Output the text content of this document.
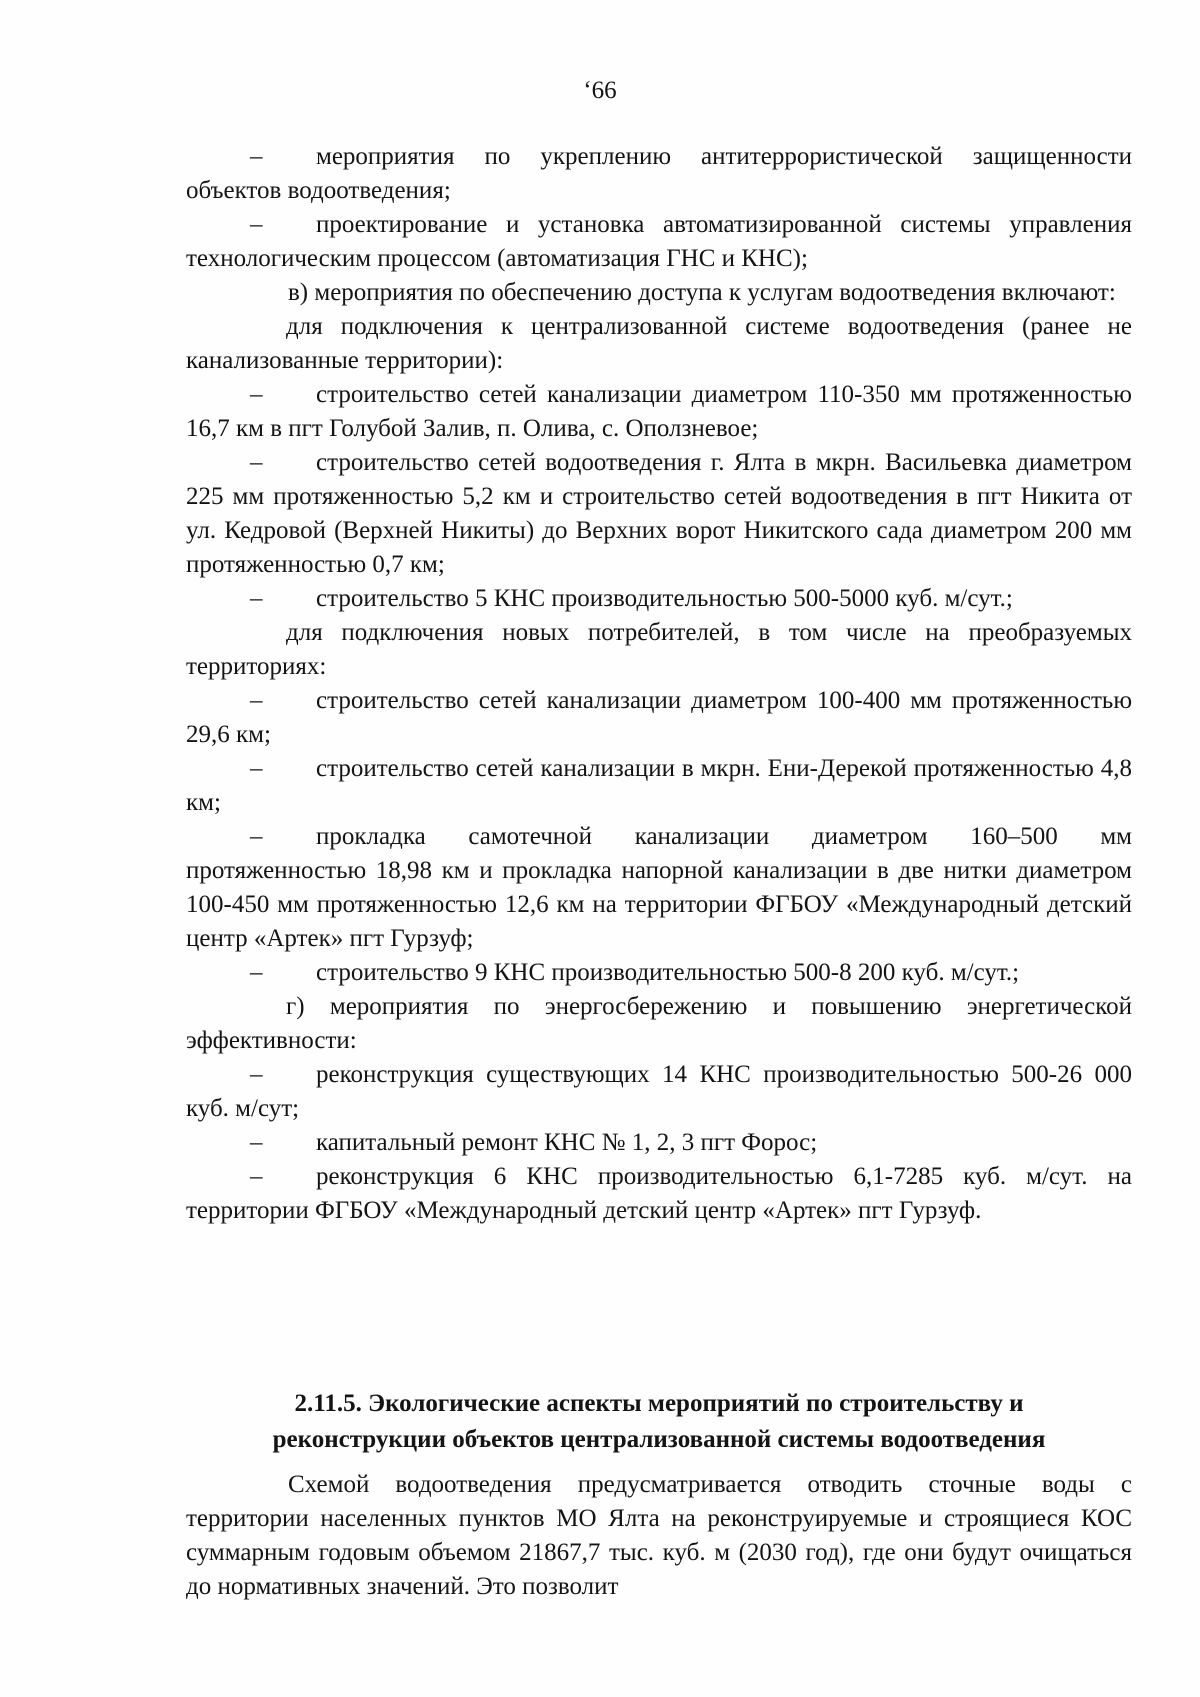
‘66

– мероприятия по укреплению антитеррористической защищенности объектов водоотведения;

– проектирование и установка автоматизированной системы управления технологическим процессом (автоматизация ГНС и КНС);

в) мероприятия по обеспечению доступа к услугам водоотведения включают:

для подключения к централизованной системе водоотведения (ранее не канализованные территории):

– строительство сетей канализации диаметром 110-350 мм протяженностью 16,7 км в пгт Голубой Залив, п. Олива, с. Оползневое;

– строительство сетей водоотведения г. Ялта в мкрн. Васильевка диаметром 225 мм протяженностью 5,2 км и строительство сетей водоотведения в пгт Никита от ул. Кедровой (Верхней Никиты) до Верхних ворот Никитского сада диаметром 200 мм протяженностью 0,7 км;

– строительство 5 КНС производительностью 500-5000 куб. м/сут.;

для подключения новых потребителей, в том числе на преобразуемых территориях:

– строительство сетей канализации диаметром 100-400 мм протяженностью 29,6 км;

– строительство сетей канализации в мкрн. Ени-Дерекой протяженностью 4,8 км;

– прокладка самотечной канализации диаметром 160–500 мм протяженностью 18,98 км и прокладка напорной канализации в две нитки диаметром 100-450 мм протяженностью 12,6 км на территории ФГБОУ «Международный детский центр «Артек» пгт Гурзуф;

– строительство 9 КНС производительностью 500-8 200 куб. м/сут.;

г) мероприятия по энергосбережению и повышению энергетической эффективности:

– реконструкция существующих 14 КНС производительностью 500-26 000 куб. м/сут;

– капитальный ремонт КНС № 1, 2, 3 пгт Форос;

– реконструкция 6 КНС производительностью 6,1-7285 куб. м/сут. на территории ФГБОУ «Международный детский центр «Артек» пгт Гурзуф.

2.11.5. Экологические аспекты мероприятий по строительству и
реконструкции объектов централизованной системы водоотведения

Схемой водоотведения предусматривается отводить сточные воды с территории населенных пунктов МО Ялта на реконструируемые и строящиеся КОС суммарным годовым объемом 21867,7 тыс. куб. м (2030 год), где они будут очищаться до нормативных значений. Это позволит
